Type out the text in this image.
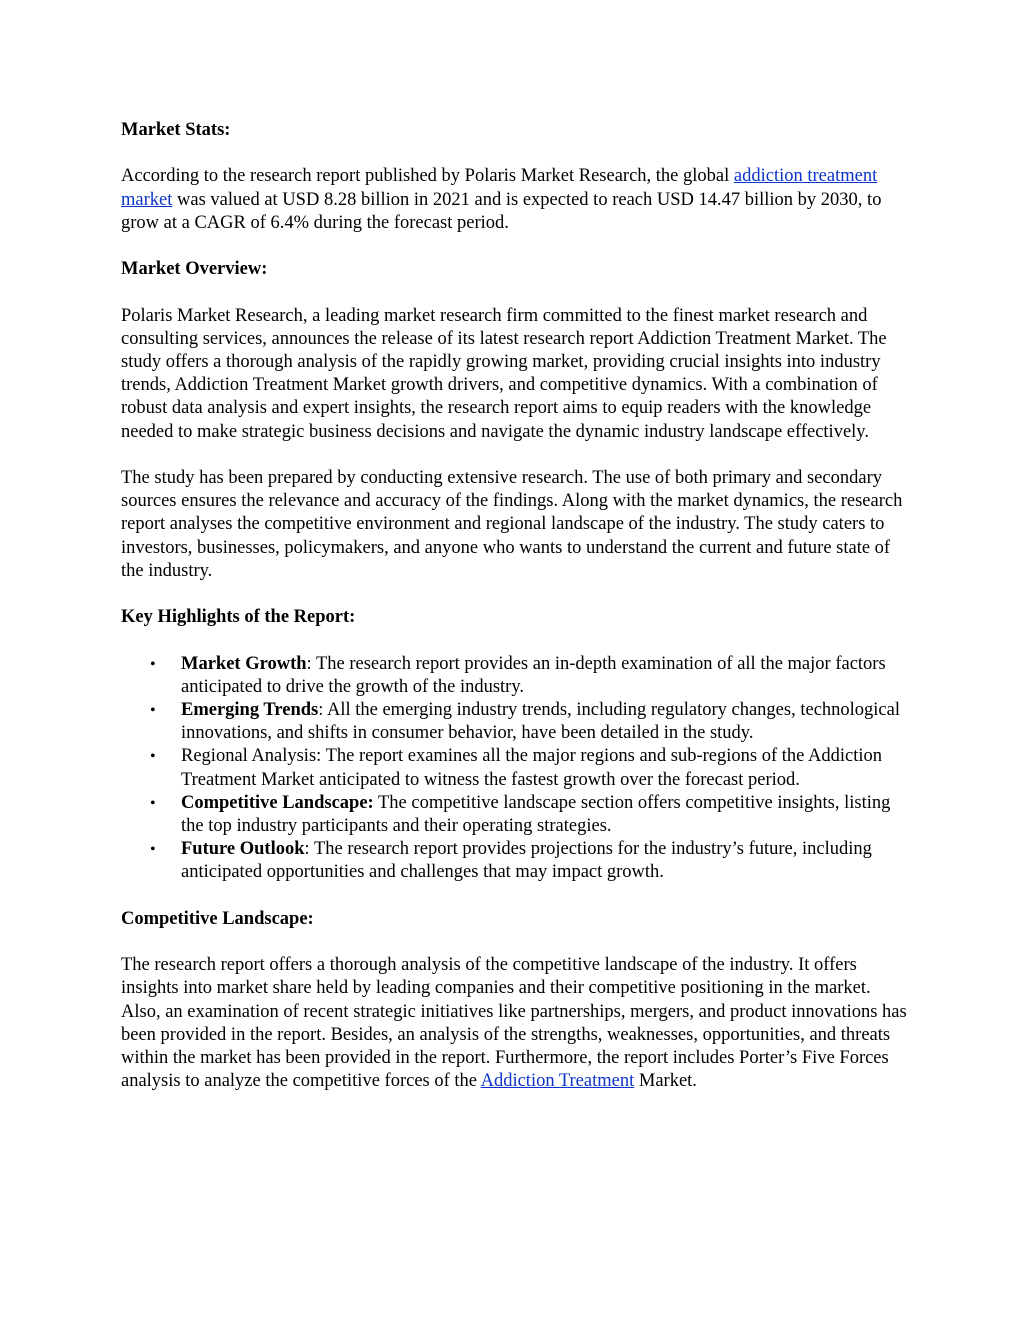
Market Stats:

According to the research report published by Polaris Market Research, the global addiction treatment market was valued at USD 8.28 billion in 2021 and is expected to reach USD 14.47 billion by 2030, to grow at a CAGR of 6.4% during the forecast period.

Market Overview:

Polaris Market Research, a leading market research firm committed to the finest market research and consulting services, announces the release of its latest research report Addiction Treatment Market. The study offers a thorough analysis of the rapidly growing market, providing crucial insights into industry trends, Addiction Treatment Market growth drivers, and competitive dynamics. With a combination of robust data analysis and expert insights, the research report aims to equip readers with the knowledge needed to make strategic business decisions and navigate the dynamic industry landscape effectively.

The study has been prepared by conducting extensive research. The use of both primary and secondary sources ensures the relevance and accuracy of the findings. Along with the market dynamics, the research report analyses the competitive environment and regional landscape of the industry. The study caters to investors, businesses, policymakers, and anyone who wants to understand the current and future state of the industry.

Key Highlights of the Report:
• Market Growth: The research report provides an in-depth examination of all the major factors anticipated to drive the growth of the industry.
• Emerging Trends: All the emerging industry trends, including regulatory changes, technological innovations, and shifts in consumer behavior, have been detailed in the study.
• Regional Analysis: The report examines all the major regions and sub-regions of the Addiction Treatment Market anticipated to witness the fastest growth over the forecast period.
• Competitive Landscape: The competitive landscape section offers competitive insights, listing the top industry participants and their operating strategies.
• Future Outlook: The research report provides projections for the industry’s future, including anticipated opportunities and challenges that may impact growth.
Competitive Landscape:

The research report offers a thorough analysis of the competitive landscape of the industry. It offers insights into market share held by leading companies and their competitive positioning in the market. Also, an examination of recent strategic initiatives like partnerships, mergers, and product innovations has been provided in the report. Besides, an analysis of the strengths, weaknesses, opportunities, and threats within the market has been provided in the report. Furthermore, the report includes Porter’s Five Forces analysis to analyze the competitive forces of the Addiction Treatment Market.
